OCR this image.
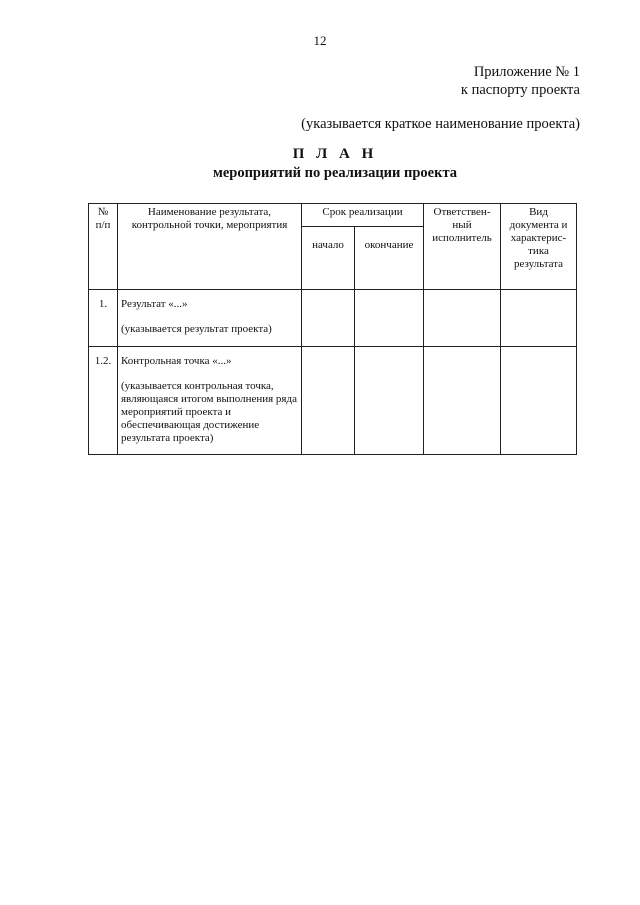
12
Приложение № 1
к паспорту проекта
(указывается краткое наименование проекта)
П Л А Н
мероприятий по реализации проекта
№ п/п	Наименование результата, контрольной точки, мероприятия	Срок реализации		Ответствен-ный исполнитель	Вид документа и характерис-тика результата
		начало	окончание		
1.	Результат «...»
(указывается результат проекта)				

1.2.	Контрольная точка «...»
(указывается контрольная точка, являющаяся итогом выполнения ряда мероприятий проекта и обеспечивающая достижение результата проекта)				
